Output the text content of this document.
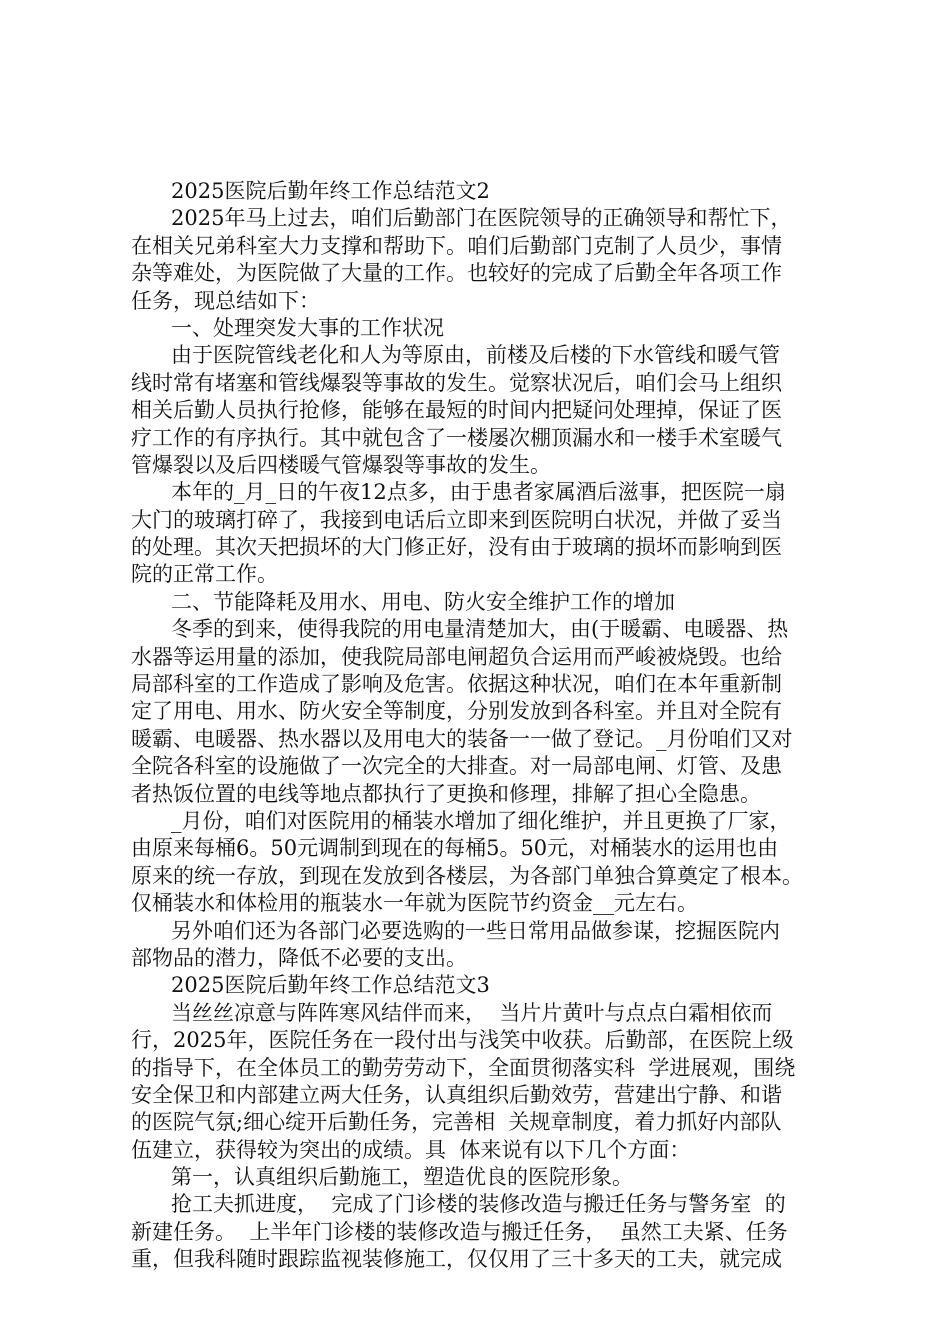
2025医院后勤年终工作总结范文2
2025年马上过去，咱们后勤部门在医院领导的正确领导和帮忙下，
在相关兄弟科室大力支撑和帮助下。咱们后勤部门克制了人员少，事情
杂等难处，为医院做了大量的工作。也较好的完成了后勤全年各项工作
任务，现总结如下：
一、处理突发大事的工作状况
由于医院管线老化和人为等原由，前楼及后楼的下水管线和暖气管
线时常有堵塞和管线爆裂等事故的发生。觉察状况后，咱们会马上组织
相关后勤人员执行抢修，能够在最短的时间内把疑问处理掉，保证了医
疗工作的有序执行。其中就包含了一楼屡次棚顶漏水和一楼手术室暖气
管爆裂以及后四楼暖气管爆裂等事故的发生。
本年的_月_日的午夜12点多，由于患者家属酒后滋事，把医院一扇
大门的玻璃打碎了，我接到电话后立即来到医院明白状况，并做了妥当
的处理。其次天把损坏的大门修正好，没有由于玻璃的损坏而影响到医
院的正常工作。
二、节能降耗及用水、用电、防火安全维护工作的增加
冬季的到来，使得我院的用电量清楚加大，由(于暖霸、电暖器、热
水器等运用量的添加，使我院局部电闸超负合运用而严峻被烧毁。也给
局部科室的工作造成了影响及危害。依据这种状况，咱们在本年重新制
定了用电、用水、防火安全等制度，分别发放到各科室。并且对全院有
暖霸、电暖器、热水器以及用电大的装备一一做了登记。_月份咱们又对
全院各科室的设施做了一次完全的大排查。对一局部电闸、灯管、及患
者热饭位置的电线等地点都执行了更换和修理，排解了担心全隐患。
_月份，咱们对医院用的桶装水增加了细化维护，并且更换了厂家，
由原来每桶6。50元调制到现在的每桶5。50元，对桶装水的运用也由
原来的统一存放，到现在发放到各楼层，为各部门单独合算奠定了根本。
仅桶装水和体检用的瓶装水一年就为医院节约资金__元左右。
另外咱们还为各部门必要选购的一些日常用品做参谋，挖掘医院内
部物品的潜力，降低不必要的支出。
2025医院后勤年终工作总结范文3
当丝丝凉意与阵阵寒风结伴而来，  当片片黄叶与点点白霜相依而
行，2025年，医院任务在一段付出与浅笑中收获。后勤部，在医院上级
的指导下，在全体员工的勤劳劳动下，全面贯彻落实科  学进展观，围绕
安全保卫和内部建立两大任务，认真组织后勤效劳，营建出宁静、和谐
的医院气氛;细心绽开后勤任务，完善相  关规章制度，着力抓好内部队
伍建立，获得较为突出的成绩。具  体来说有以下几个方面：
第一，认真组织后勤施工，塑造优良的医院形象。
抢工夫抓进度，  完成了门诊楼的装修改造与搬迁任务与警务室  的
新建任务。  上半年门诊楼的装修改造与搬迁任务，  虽然工夫紧、任务
重，但我科随时跟踪监视装修施工，仅仅用了三十多天的工夫，就完成
